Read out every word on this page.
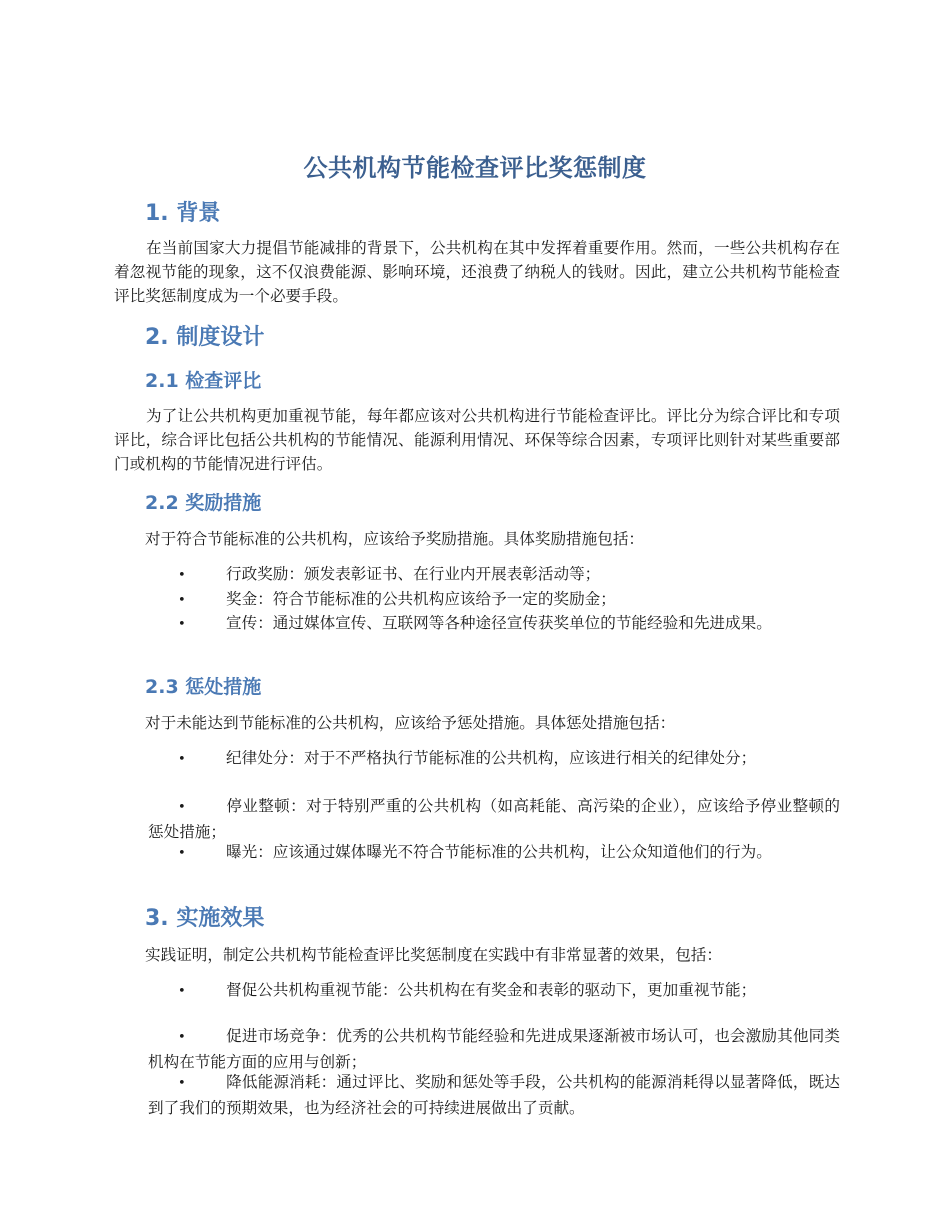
公共机构节能检查评比奖惩制度
1. 背景
在当前国家大力提倡节能减排的背景下，公共机构在其中发挥着重要作用。然而，一些公共机构存在着忽视节能的现象，这不仅浪费能源、影响环境，还浪费了纳税人的钱财。因此，建立公共机构节能检查评比奖惩制度成为一个必要手段。
2. 制度设计
2.1 检查评比
为了让公共机构更加重视节能，每年都应该对公共机构进行节能检查评比。评比分为综合评比和专项评比，综合评比包括公共机构的节能情况、能源利用情况、环保等综合因素，专项评比则针对某些重要部门或机构的节能情况进行评估。
2.2 奖励措施
对于符合节能标准的公共机构，应该给予奖励措施。具体奖励措施包括：
•	行政奖励：颁发表彰证书、在行业内开展表彰活动等；
•	奖金：符合节能标准的公共机构应该给予一定的奖励金；
•	宣传：通过媒体宣传、互联网等各种途径宣传获奖单位的节能经验和先进成果。
2.3 惩处措施
对于未能达到节能标准的公共机构，应该给予惩处措施。具体惩处措施包括：
•	纪律处分：对于不严格执行节能标准的公共机构，应该进行相关的纪律处分；
•	停业整顿：对于特别严重的公共机构（如高耗能、高污染的企业），应该给予停业整顿的惩处措施；
•	曝光：应该通过媒体曝光不符合节能标准的公共机构，让公众知道他们的行为。
3. 实施效果
实践证明，制定公共机构节能检查评比奖惩制度在实践中有非常显著的效果，包括：
•	督促公共机构重视节能：公共机构在有奖金和表彰的驱动下，更加重视节能；
•	促进市场竞争：优秀的公共机构节能经验和先进成果逐渐被市场认可，也会激励其他同类机构在节能方面的应用与创新；
•	降低能源消耗：通过评比、奖励和惩处等手段，公共机构的能源消耗得以显著降低，既达到了我们的预期效果，也为经济社会的可持续进展做出了贡献。
